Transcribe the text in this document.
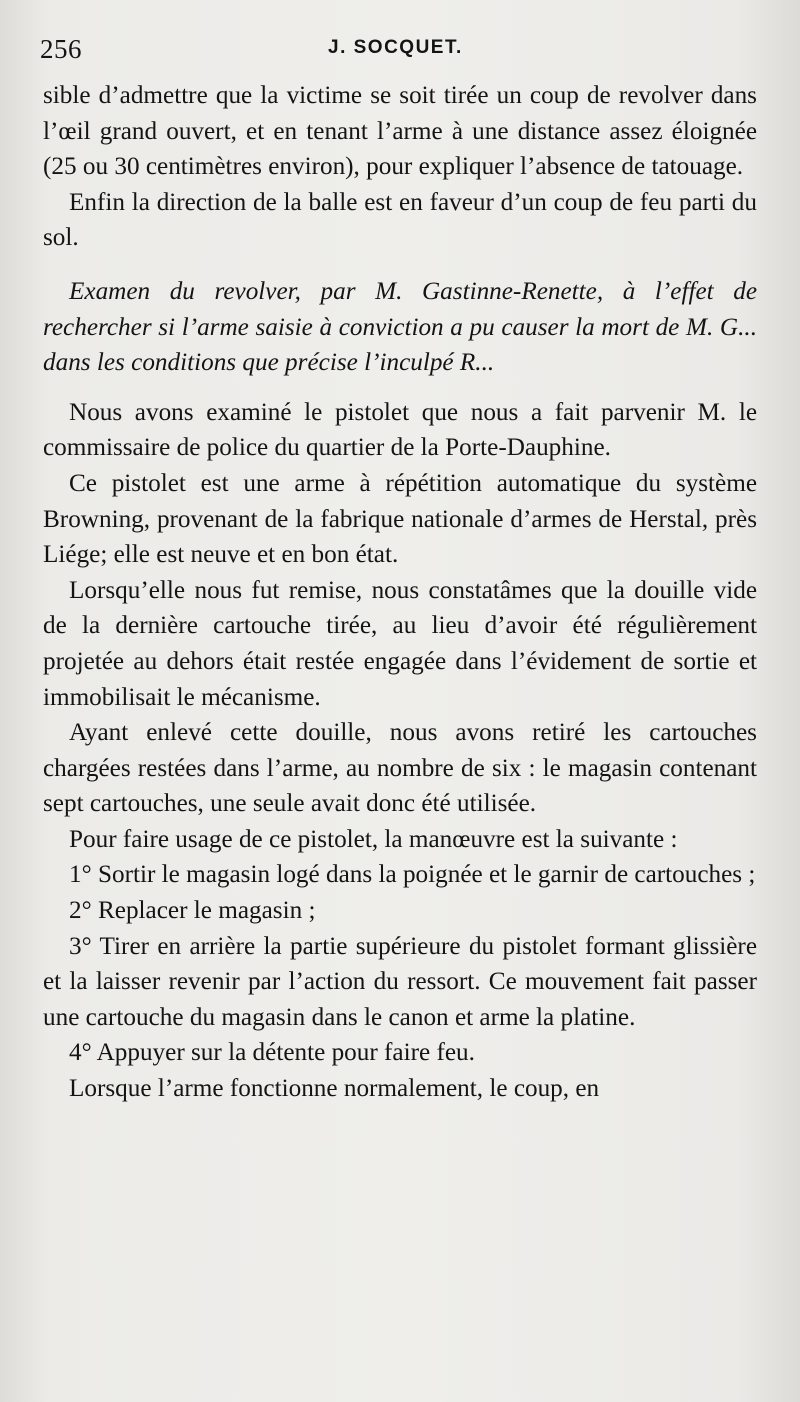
256	J. SOCQUET.

sible d’admettre que la victime se soit tirée un coup de revolver dans l’œil grand ouvert, et en tenant l’arme à une distance assez éloignée (25 ou 30 centimètres environ), pour expliquer l’absence de tatouage.

Enfin la direction de la balle est en faveur d’un coup de feu parti du sol.

Examen du revolver, par M. Gastinne-Renette, à l’effet de rechercher si l’arme saisie à conviction a pu causer la mort de M. G... dans les conditions que précise l’inculpé R...

Nous avons examiné le pistolet que nous a fait parvenir M. le commissaire de police du quartier de la Porte-Dauphine.

Ce pistolet est une arme à répétition automatique du système Browning, provenant de la fabrique nationale d’armes de Herstal, près Liége; elle est neuve et en bon état.

Lorsqu’elle nous fut remise, nous constatâmes que la douille vide de la dernière cartouche tirée, au lieu d’avoir été régulièrement projetée au dehors était restée engagée dans l’évidement de sortie et immobilisait le mécanisme.

Ayant enlevé cette douille, nous avons retiré les cartouches chargées restées dans l’arme, au nombre de six : le magasin contenant sept cartouches, une seule avait donc été utilisée.

Pour faire usage de ce pistolet, la manœuvre est la suivante :

1° Sortir le magasin logé dans la poignée et le garnir de cartouches ;

2° Replacer le magasin ;

3° Tirer en arrière la partie supérieure du pistolet formant glissière et la laisser revenir par l’action du ressort. Ce mouvement fait passer une cartouche du magasin dans le canon et arme la platine.

4° Appuyer sur la détente pour faire feu.

Lorsque l’arme fonctionne normalement, le coup, en
